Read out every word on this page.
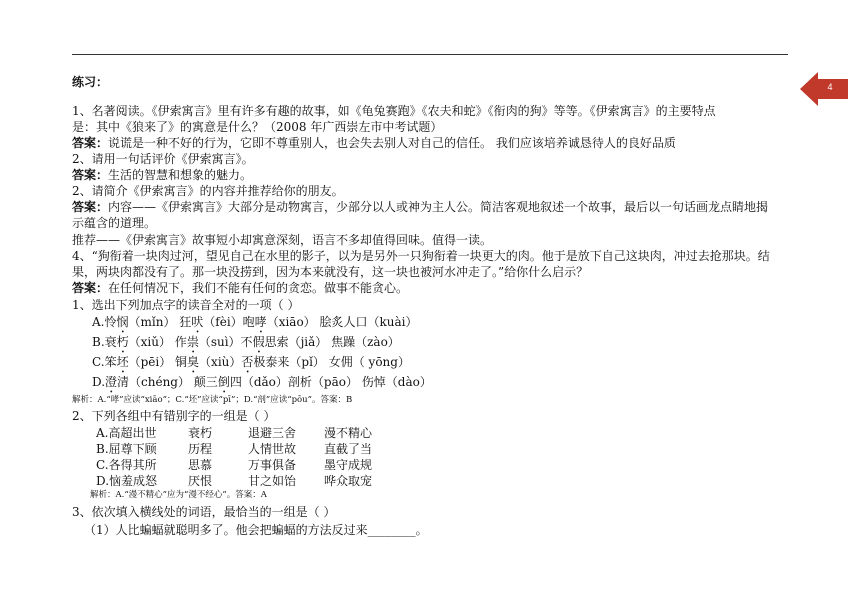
4
练习：
1、名著阅读。《伊索寓言》里有许多有趣的故事，如《龟兔赛跑》《农夫和蛇》《衔肉的狗》等等。《伊索寓言》的主要特点
是：其中《狼来了》的寓意是什么？（2008 年广西崇左市中考试题）
答案：说谎是一种不好的行为，它即不尊重别人，也会失去别人对自己的信任。 我们应该培养诚恳待人的良好品质
2、请用一句话评价《伊索寓言》。
答案：生活的智慧和想象的魅力。
2、请简介《伊索寓言》的内容并推荐给你的朋友。
答案：内容——《伊索寓言》大部分是动物寓言，少部分以人或神为主人公。简洁客观地叙述一个故事，最后以一句话画龙点睛地揭
示蕴含的道理。
推荐——《伊索寓言》故事短小却寓意深刻，语言不多却值得回味。值得一读。
4、“狗衔着一块肉过河，望见自己在水里的影子，以为是另外一只狗衔着一块更大的肉。他于是放下自己这块肉，冲过去抢那块。结
果，两块肉都没有了。那一块没捞到，因为本来就没有，这一块也被河水冲走了。”给你什么启示？
答案：在任何情况下，我们不能有任何的贪恋。做事不能贪心。
1、选出下列加点字的读音全对的一项（ ）
A.怜悯（mǐn） 狂吠（fèi）咆哮（xiāo） 脍炙人口（kuài）
B.衰朽（xiǔ） 作祟（suì）不假思索（jiǎ） 焦躁（zào）
C.笨坯（pēi） 铜臭（xiù）否极泰来（pǐ） 女佣（ yōng）
D.澄清（chéng） 颠三倒四（dǎo）剖析（pāo） 伤悼（dào）
解析：A.“哮”应读“xiāo”；C.“坯”应读“pī”；D.“剖”应读“pōu”。答案：B
2、下列各组中有错别字的一组是（ ）
A.高超出世	衰朽	退避三舍 漫不精心
B.屈尊下顾	历程	人情世故 直截了当
C.各得其所	思慕	万事俱备 墨守成规
D.恼羞成怒	厌恨	甘之如饴 哗众取宠
解析：A.“漫不精心”应为“漫不经心”。答案：A
3、依次填入横线处的词语，最恰当的一组是（ ）
（1）人比蝙蝠就聪明多了。他会把蝙蝠的方法反过来________。
